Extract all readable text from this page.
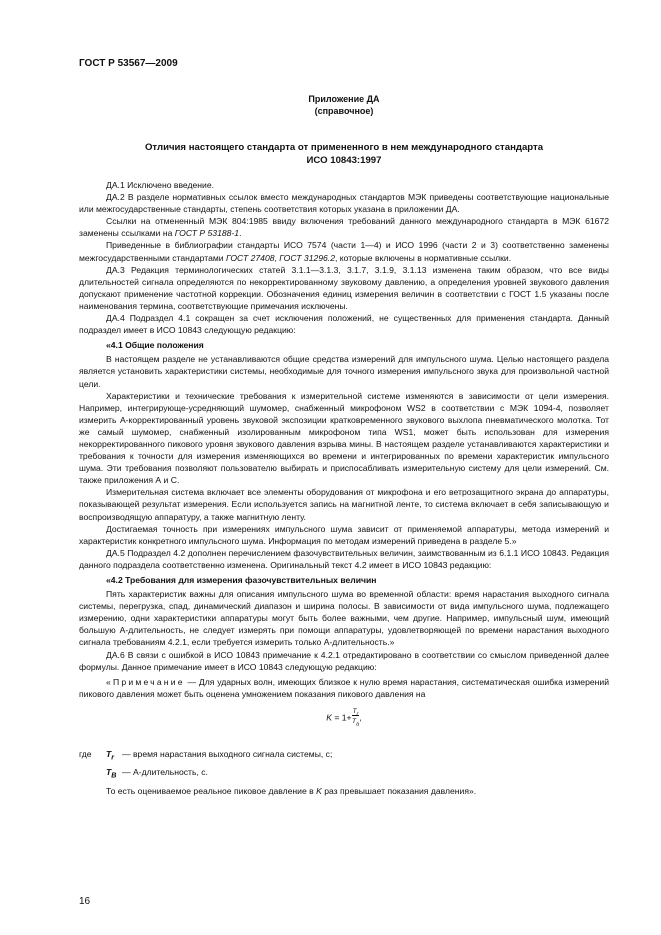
ГОСТ Р 53567—2009
Приложение ДА
(справочное)
Отличия настоящего стандарта от примененного в нем международного стандарта
ИСО 10843:1997

ДА.1 Исключено введение.

ДА.2 В разделе нормативных ссылок вместо международных стандартов МЭК приведены соответствующие национальные или межгосударственные стандарты, степень соответствия которых указана в приложении ДА.

Ссылки на отмененный МЭК 804:1985 ввиду включения требований данного международного стандарта в МЭК 61672 заменены ссылками на ГОСТ Р 53188-1.

Приведенные в библиографии стандарты ИСО 7574 (части 1—4) и ИСО 1996 (части 2 и 3) соответственно заменены межгосударственными стандартами ГОСТ 27408, ГОСТ 31296.2, которые включены в нормативные ссылки.

ДА.3 Редакция терминологических статей 3.1.1—3.1.3, 3.1.7, 3.1.9, 3.1.13 изменена таким образом, что все виды длительностей сигнала определяются по некорректированному звуковому давлению, а определения уровней звукового давления допускают применение частотной коррекции. Обозначения единиц измерения величин в соответствии с ГОСТ 1.5 указаны после наименования термина, соответствующие примечания исключены.

ДА.4 Подраздел 4.1 сокращен за счет исключения положений, не существенных для применения стандарта. Данный подраздел имеет в ИСО 10843 следующую редакцию:

«4.1 Общие положения

В настоящем разделе не устанавливаются общие средства измерений для импульсного шума. Целью настоящего раздела является установить характеристики системы, необходимые для точного измерения импульсного звука для произвольной частной цели.

Характеристики и технические требования к измерительной системе изменяются в зависимости от цели измерения. Например, интегрирующе-усредняющий шумомер, снабженный микрофоном WS2 в соответствии с МЭК 1094-4, позволяет измерить А-корректированный уровень звуковой экспозиции кратковременного звукового выхлопа пневматического молотка. Тот же самый шумомер, снабженный изолированным микрофоном типа WS1, может быть использован для измерения некорректированного пикового уровня звукового давления взрыва мины. В настоящем разделе устанавливаются характеристики и требования к точности для измерения изменяющихся во времени и интегрированных по времени характеристик импульсного шума. Эти требования позволяют пользователю выбирать и приспосабливать измерительную систему для цели измерений. См. также приложения А и С.

Измерительная система включает все элементы оборудования от микрофона и его ветрозащитного экрана до аппаратуры, показывающей результат измерения. Если используется запись на магнитной ленте, то система включает в себя записывающую и воспроизводящую аппаратуру, а также магнитную ленту.

Достигаемая точность при измерениях импульсного шума зависит от применяемой аппаратуры, метода измерений и характеристик конкретного импульсного шума. Информация по методам измерений приведена в разделе 5.»

ДА.5 Подраздел 4.2 дополнен перечислением фазочувствительных величин, заимствованным из 6.1.1 ИСО 10843. Редакция данного подраздела соответственно изменена. Оригинальный текст 4.2 имеет в ИСО 10843 редакцию:

«4.2 Требования для измерения фазочувствительных величин

Пять характеристик важны для описания импульсного шума во временной области: время нарастания выходного сигнала системы, перегрузка, спад, динамический диапазон и ширина полосы. В зависимости от вида импульсного шума, подлежащего измерению, одни характеристики аппаратуры могут быть более важными, чем другие. Например, импульсный шум, имеющий большую А-длительность, не следует измерять при помощи аппаратуры, удовлетворяющей по времени нарастания выходного сигнала требованиям 4.2.1, если требуется измерить только А-длительность.»

ДА.6 В связи с ошибкой в ИСО 10843 примечание к 4.2.1 отредактировано в соответствии со смыслом приведенной далее формулы. Данное примечание имеет в ИСО 10843 следующую редакцию:

«Примечание — Для ударных волн, имеющих близкое к нулю время нарастания, систематическая ошибка измерений пикового давления может быть оценена умножением показания пикового давления на

$K = 1+\frac{T_r}{T_a}$,
где	$T_r$ — время нарастания выходного сигнала системы, с;
$T_B$ — А-длительность, с.

То есть оцениваемое реальное пиковое давление в K раз превышает показания давления».

16
